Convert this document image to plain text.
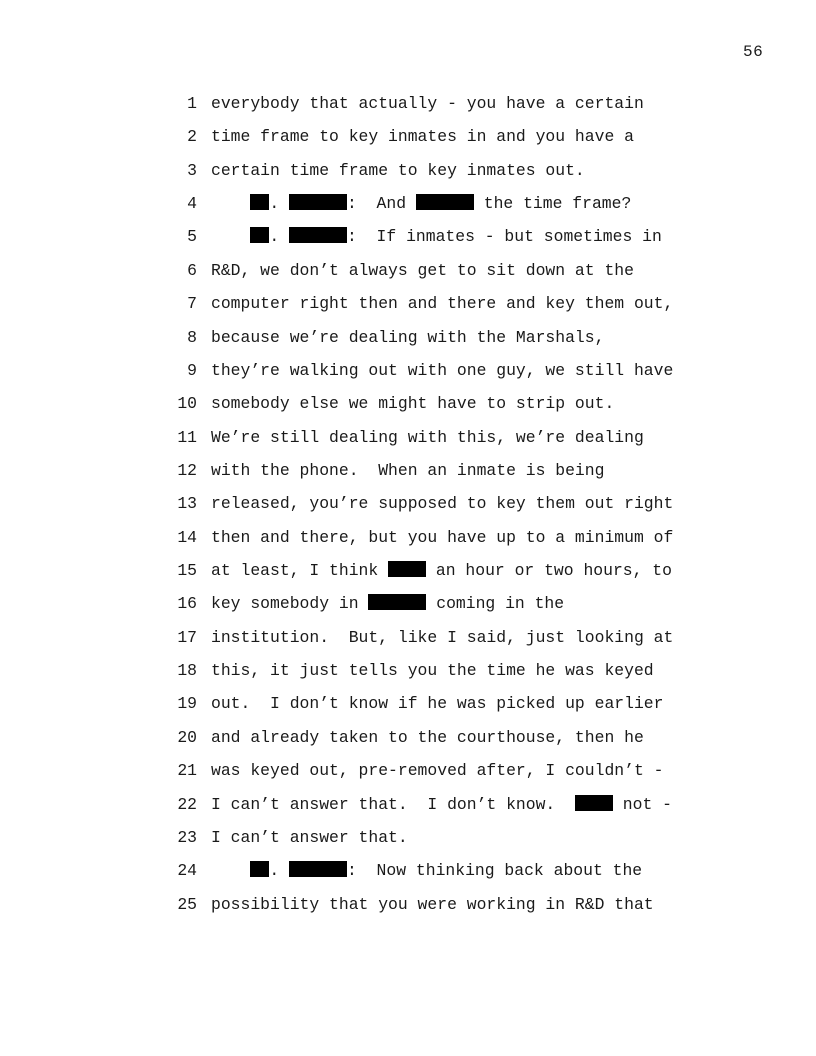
56
1 everybody that actually - you have a certain
2 time frame to key inmates in and you have a
3 certain time frame to key inmates out.
4	.	:  And	the time frame?
5	.	:  If inmates - but sometimes in
6 R&D, we don’t always get to sit down at the
7 computer right then and there and key them out,
8 because we’re dealing with the Marshals,
9 they’re walking out with one guy, we still have
10 somebody else we might have to strip out.
11 We’re still dealing with this, we’re dealing
12 with the phone.  When an inmate is being
13 released, you’re supposed to key them out right
14 then and there, but you have up to a minimum of
15 at least, I think  an hour or two hours, to
16 key somebody in	coming in the
17 institution.  But, like I said, just looking at
18 this, it just tells you the time he was keyed
19 out.  I don’t know if he was picked up earlier
20 and already taken to the courthouse, then he
21 was keyed out, pre-removed after, I couldn’t -
22 I can’t answer that.  I don’t know.   not -
23 I can’t answer that.
24	.	:  Now thinking back about the
25 possibility that you were working in R&D that
